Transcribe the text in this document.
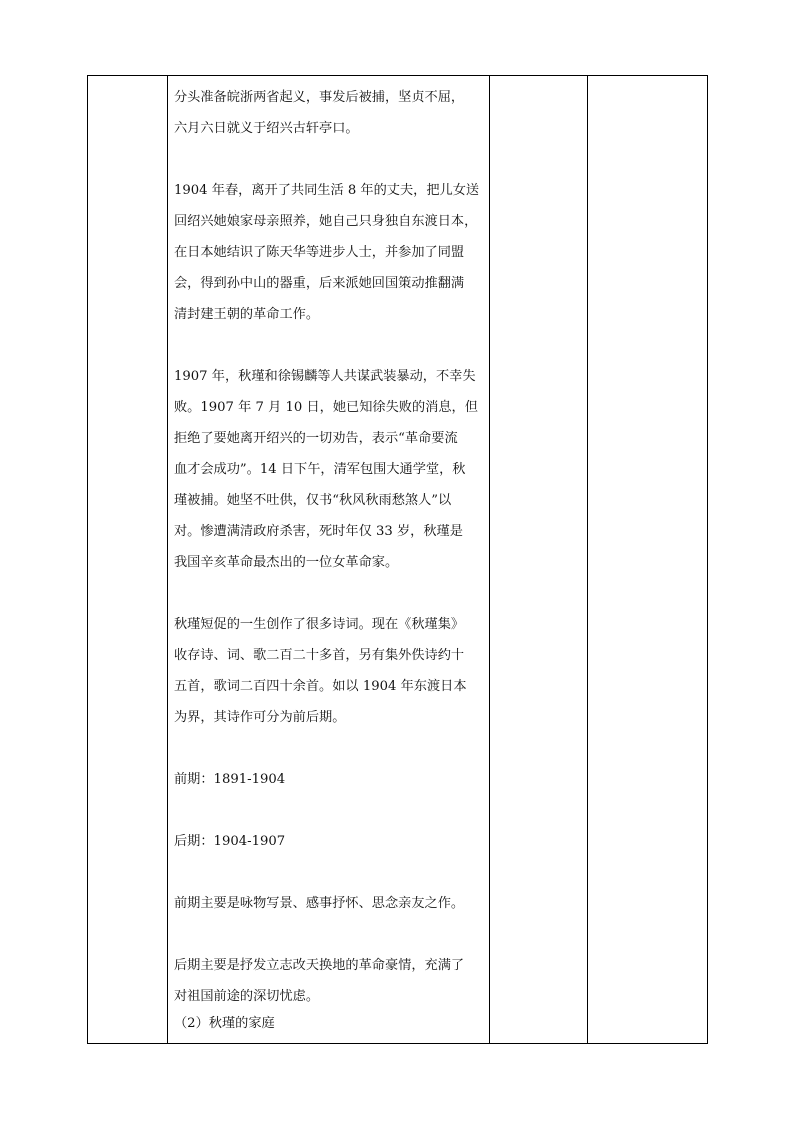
分头准备皖浙两省起义，事发后被捕，坚贞不屈，
六月六日就义于绍兴古轩亭口。

1904 年春，离开了共同生活 8 年的丈夫，把儿女送
回绍兴她娘家母亲照养，她自己只身独自东渡日本，
在日本她结识了陈天华等进步人士，并参加了同盟
会，得到孙中山的器重，后来派她回国策动推翻满
清封建王朝的革命工作。

1907 年，秋瑾和徐锡麟等人共谋武装暴动，不幸失
败。1907 年 7 月 10 日，她已知徐失败的消息，但
拒绝了要她离开绍兴的一切劝告，表示“革命要流
血才会成功”。14 日下午，清军包围大通学堂，秋
瑾被捕。她坚不吐供，仅书“秋风秋雨愁煞人”以
对。惨遭满清政府杀害，死时年仅 33 岁，秋瑾是
我国辛亥革命最杰出的一位女革命家。

秋瑾短促的一生创作了很多诗词。现在《秋瑾集》
收存诗、词、歌二百二十多首，另有集外佚诗约十
五首，歌词二百四十余首。如以 1904 年东渡日本
为界，其诗作可分为前后期。

前期：1891-1904

后期：1904-1907

前期主要是咏物写景、感事抒怀、思念亲友之作。

后期主要是抒发立志改天换地的革命豪情，充满了
对祖国前途的深切忧虑。

（2）秋瑾的家庭
